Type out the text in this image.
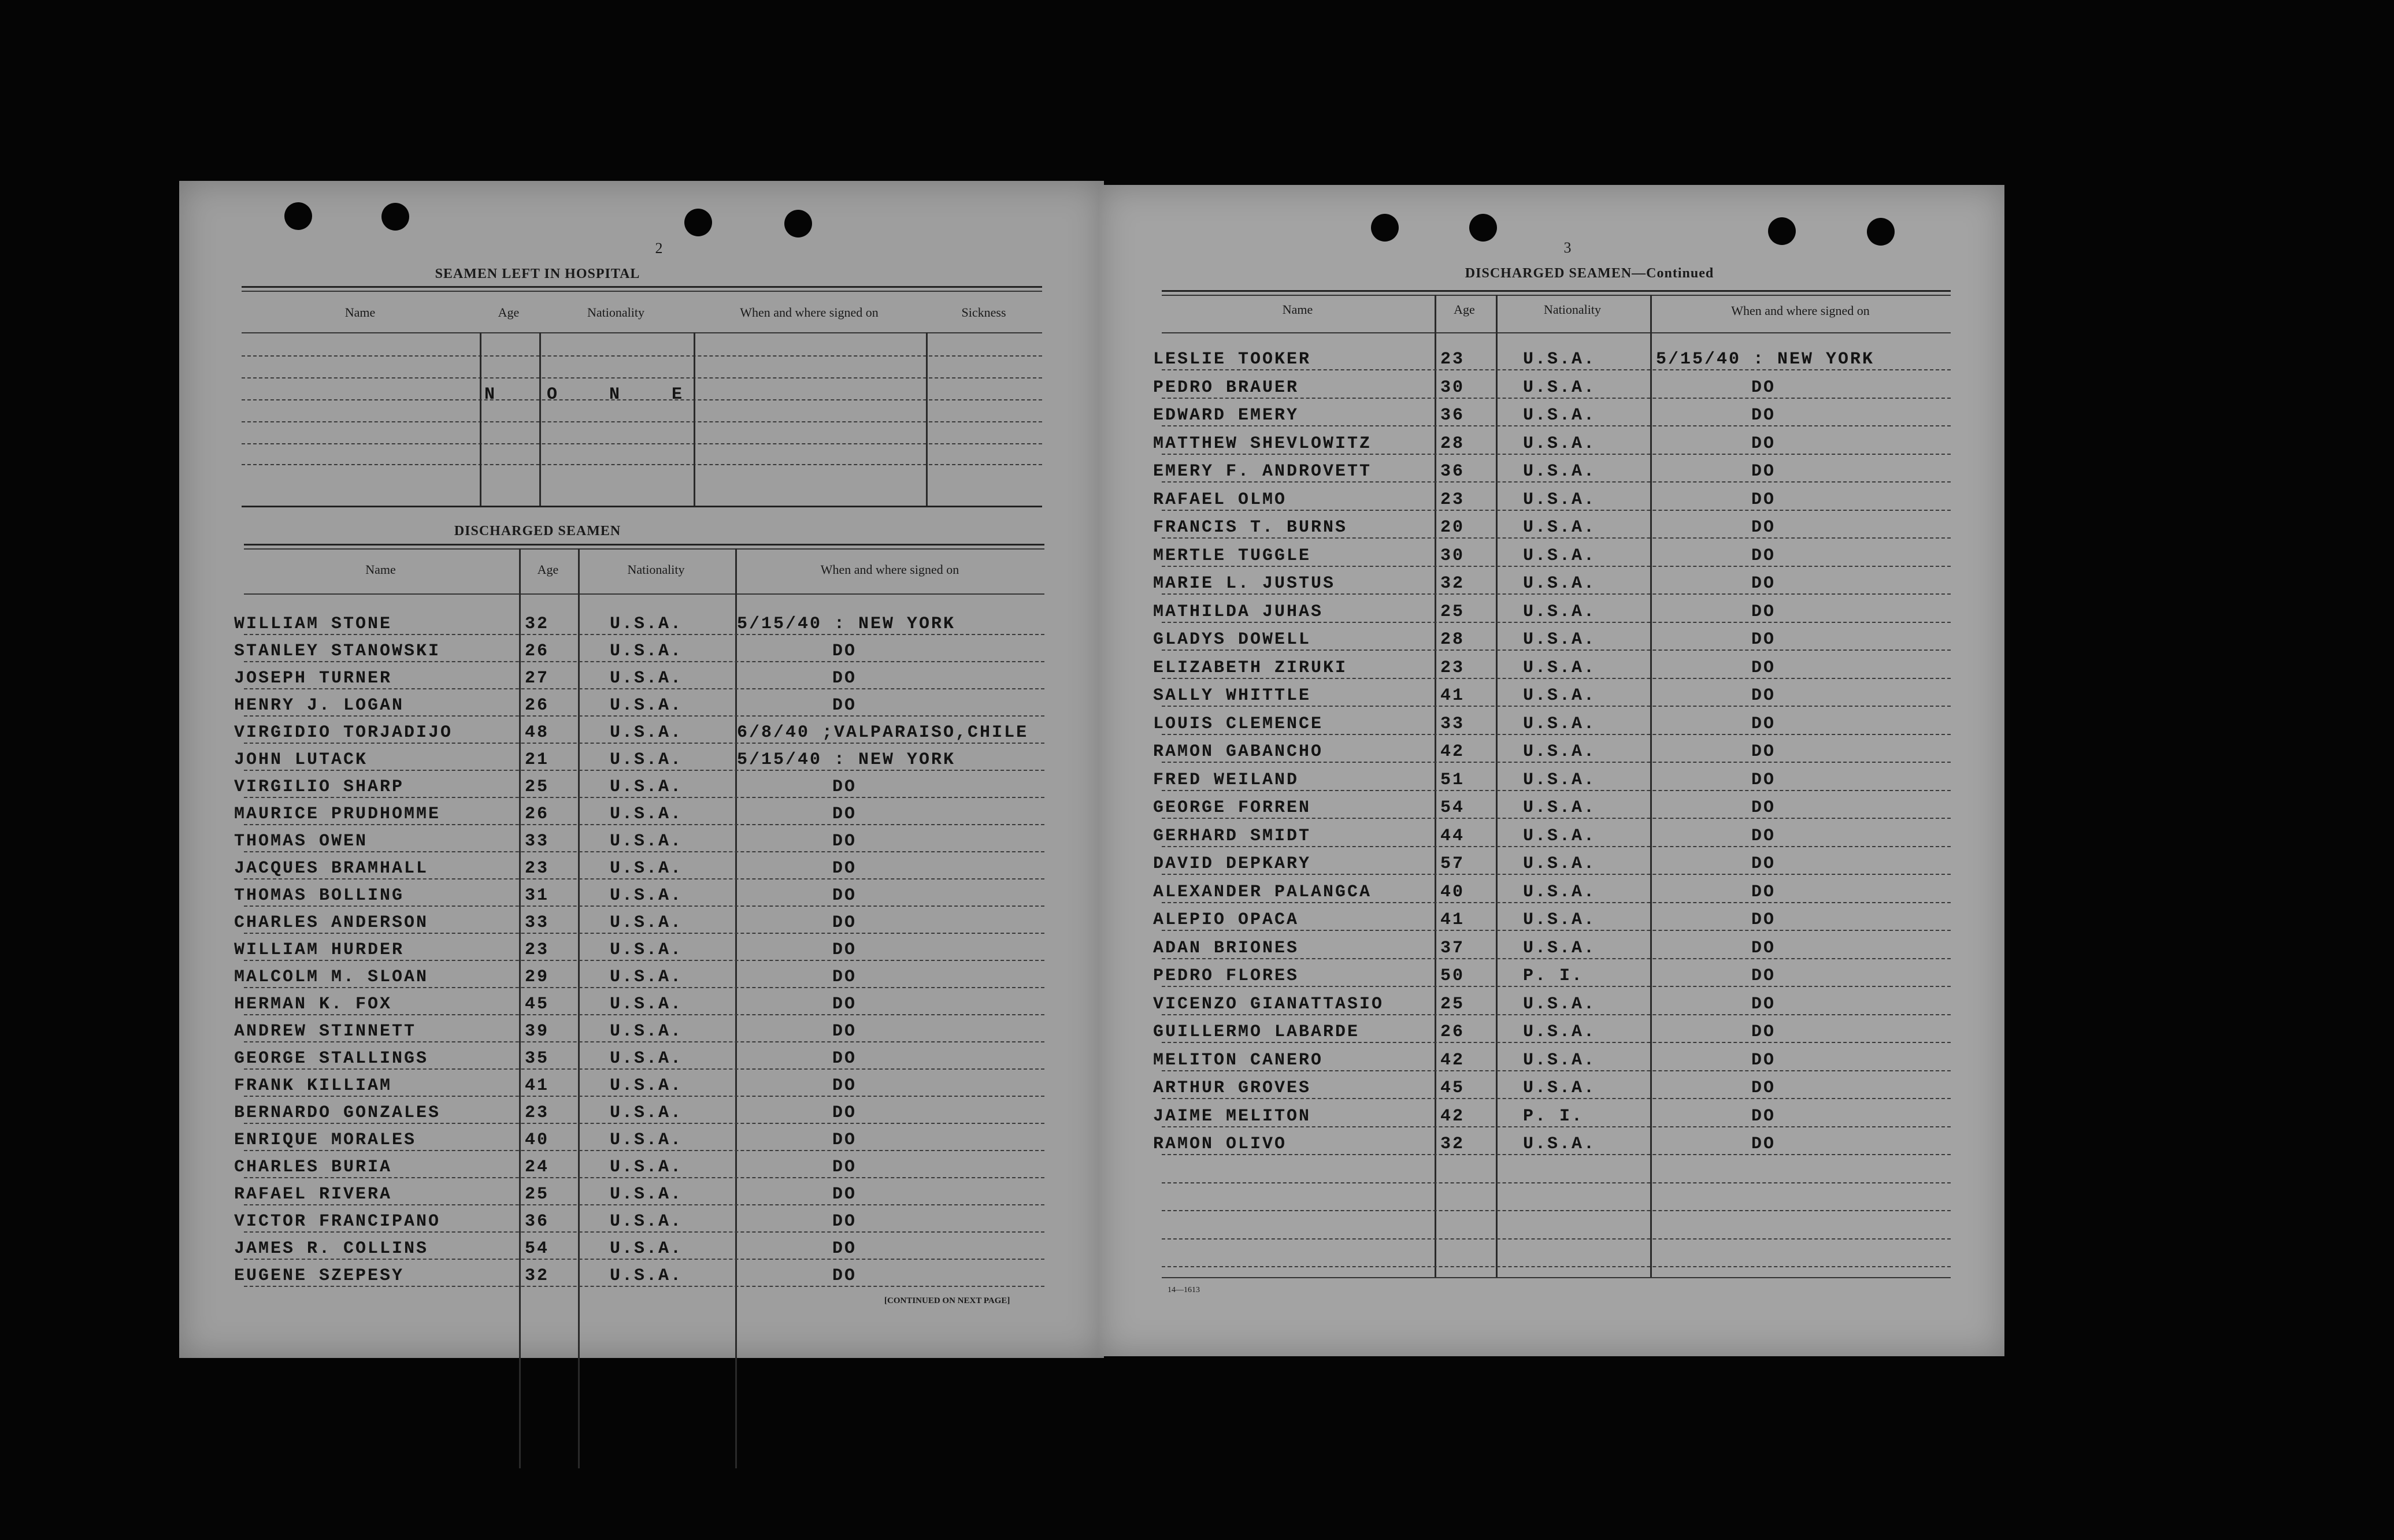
2
SEAMEN LEFT IN HOSPITAL
Name	Age	Nationality	When and where signed on	Sickness
N O N E
DISCHARGED SEAMEN
Name	Age	Nationality	When and where signed on
WILLIAM STONE	32	U.S.A.	5/15/40 : NEW YORK
STANLEY STANOWSKI	26	U.S.A.	DO
JOSEPH TURNER	27	U.S.A.	DO
HENRY J. LOGAN	26	U.S.A.	DO
VIRGIDIO TORJADIJO	48	U.S.A.	6/8/40 ;VALPARAISO,CHILE
JOHN LUTACK	21	U.S.A.	5/15/40 : NEW YORK
VIRGILIO SHARP	25	U.S.A.	DO
MAURICE PRUDHOMME	26	U.S.A.	DO
THOMAS OWEN	33	U.S.A.	DO
JACQUES BRAMHALL	23	U.S.A.	DO
THOMAS BOLLING	31	U.S.A.	DO
CHARLES ANDERSON	33	U.S.A.	DO
WILLIAM HURDER	23	U.S.A.	DO
MALCOLM M. SLOAN	29	U.S.A.	DO
HERMAN K. FOX	45	U.S.A.	DO
ANDREW STINNETT	39	U.S.A.	DO
GEORGE STALLINGS	35	U.S.A.	DO
FRANK KILLIAM	41	U.S.A.	DO
BERNARDO GONZALES	23	U.S.A.	DO
ENRIQUE MORALES	40	U.S.A.	DO
CHARLES BURIA	24	U.S.A.	DO
RAFAEL RIVERA	25	U.S.A.	DO
VICTOR FRANCIPANO	36	U.S.A.	DO
JAMES R. COLLINS	54	U.S.A.	DO
EUGENE SZEPESY	32	U.S.A.	DO
[CONTINUED ON NEXT PAGE]
3
DISCHARGED SEAMEN—Continued
Name	Age	Nationality	When and where signed on
LESLIE TOOKER	23	U.S.A.	5/15/40 : NEW YORK
PEDRO BRAUER	30	U.S.A.	DO
EDWARD EMERY	36	U.S.A.	DO
MATTHEW SHEVLOWITZ	28	U.S.A.	DO
EMERY F. ANDROVETT	36	U.S.A.	DO
RAFAEL OLMO	23	U.S.A.	DO
FRANCIS T. BURNS	20	U.S.A.	DO
MERTLE TUGGLE	30	U.S.A.	DO
MARIE L. JUSTUS	32	U.S.A.	DO
MATHILDA JUHAS	25	U.S.A.	DO
GLADYS DOWELL	28	U.S.A.	DO
ELIZABETH ZIRUKI	23	U.S.A.	DO
SALLY WHITTLE	41	U.S.A.	DO
LOUIS CLEMENCE	33	U.S.A.	DO
RAMON GABANCHO	42	U.S.A.	DO
FRED WEILAND	51	U.S.A.	DO
GEORGE FORREN	54	U.S.A.	DO
GERHARD SMIDT	44	U.S.A.	DO
DAVID DEPKARY	57	U.S.A.	DO
ALEXANDER PALANGCA	40	U.S.A.	DO
ALEPIO OPACA	41	U.S.A.	DO
ADAN BRIONES	37	U.S.A.	DO
PEDRO FLORES	50	P. I.	DO
VICENZO GIANATTASIO	25	U.S.A.	DO
GUILLERMO LABARDE	26	U.S.A.	DO
MELITON CANERO	42	U.S.A.	DO
ARTHUR GROVES	45	U.S.A.	DO
JAIME MELITON	42	P. I.	DO
RAMON OLIVO	32	U.S.A.	DO
14—1613
